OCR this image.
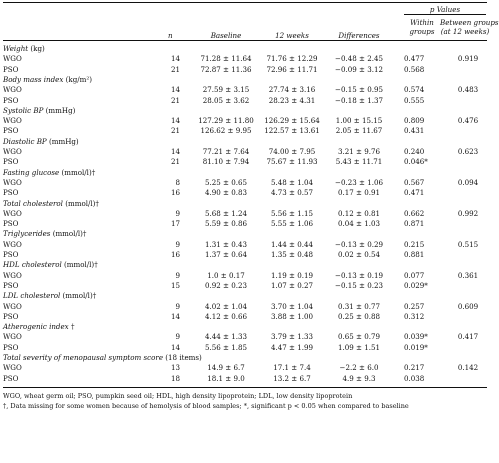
p Values
Within
groups
Between groups
(at 12 weeks)
n	Baseline	12 weeks	Differences
Weight (kg)
WGO	14	71.28 ± 11.64	71.76 ± 12.29	−0.48 ± 2.45	0.477	0.919
PSO	21	72.87 ± 11.36	72.96 ± 11.71	−0.09 ± 3.12	0.568
Body mass index (kg/m²)
WGO	14	27.59 ± 3.15	27.74 ± 3.16	−0.15 ± 0.95	0.574	0.483
PSO	21	28.05 ± 3.62	28.23 ± 4.31	−0.18 ± 1.37	0.555
Systolic BP (mmHg)
WGO	14	127.29 ± 11.80	126.29 ± 15.64	1.00 ± 15.15	0.809	0.476
PSO	21	126.62 ± 9.95	122.57 ± 13.61	2.05 ± 11.67	0.431
Diastolic BP (mmHg)
WGO	14	77.21 ± 7.64	74.00 ± 7.95	3.21 ± 9.76	0.240	0.623
PSO	21	81.10 ± 7.94	75.67 ± 11.93	5.43 ± 11.71	0.046*
Fasting glucose (mmol/l)†
WGO	8	5.25 ± 0.65	5.48 ± 1.04	−0.23 ± 1.06	0.567	0.094
PSO	16	4.90 ± 0.83	4.73 ± 0.57	0.17 ± 0.91	0.471
Total cholesterol (mmol/l)†
WGO	9	5.68 ± 1.24	5.56 ± 1.15	0.12 ± 0.81	0.662	0.992
PSO	17	5.59 ± 0.86	5.55 ± 1.06	0.04 ± 1.03	0.871
Triglycerides (mmol/l)†
WGO	9	1.31 ± 0.43	1.44 ± 0.44	−0.13 ± 0.29	0.215	0.515
PSO	16	1.37 ± 0.64	1.35 ± 0.48	0.02 ± 0.54	0.881
HDL cholesterol (mmol/l)†
WGO	9	1.0 ± 0.17	1.19 ± 0.19	−0.13 ± 0.19	0.077	0.361
PSO	15	0.92 ± 0.23	1.07 ± 0.27	−0.15 ± 0.23	0.029*
LDL cholesterol (mmol/l)†
WGO	9	4.02 ± 1.04	3.70 ± 1.04	0.31 ± 0.77	0.257	0.609
PSO	14	4.12 ± 0.66	3.88 ± 1.00	0.25 ± 0.88	0.312
Atherogenic index †
WGO	9	4.44 ± 1.33	3.79 ± 1.33	0.65 ± 0.79	0.039*	0.417
PSO	14	5.56 ± 1.85	4.47 ± 1.99	1.09 ± 1.51	0.019*
Total severity of menopausal symptom score (18 items)
WGO	13	14.9 ± 6.7	17.1 ± 7.4	−2.2 ± 6.0	0.217	0.142
PSO	18	18.1 ± 9.0	13.2 ± 6.7	4.9 ± 9.3	0.038
WGO, wheat germ oil; PSO, pumpkin seed oil; HDL, high density lipoprotein; LDL, low density lipoprotein
†, Data missing for some women because of hemolysis of blood samples; *, significant p < 0.05 when compared to baseline
